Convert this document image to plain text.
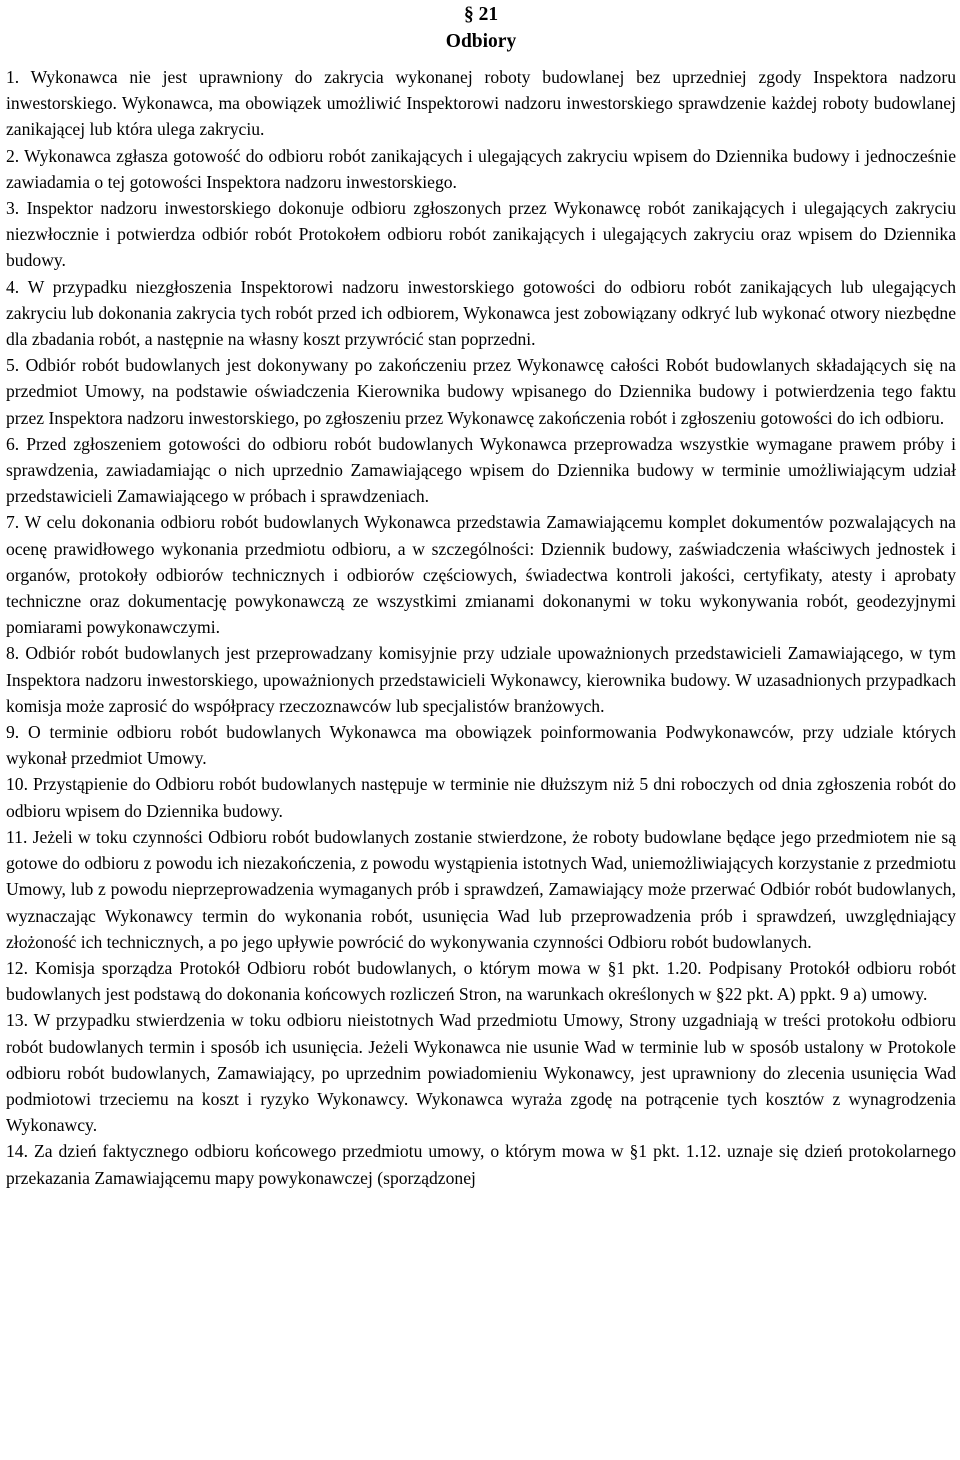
§ 21
Odbiory

1. Wykonawca nie jest uprawniony do zakrycia wykonanej roboty budowlanej bez uprzedniej zgody Inspektora nadzoru inwestorskiego. Wykonawca, ma obowiązek umożliwić Inspektorowi nadzoru inwestorskiego sprawdzenie każdej roboty budowlanej zanikającej lub która ulega zakryciu.

2. Wykonawca zgłasza gotowość do odbioru robót zanikających i ulegających zakryciu wpisem do Dziennika budowy i jednocześnie zawiadamia o tej gotowości Inspektora nadzoru inwestorskiego.

3. Inspektor nadzoru inwestorskiego dokonuje odbioru zgłoszonych przez Wykonawcę robót zanikających i ulegających zakryciu niezwłocznie i potwierdza odbiór robót Protokołem odbioru robót zanikających i ulegających zakryciu oraz wpisem do Dziennika budowy.

4. W przypadku niezgłoszenia Inspektorowi nadzoru inwestorskiego gotowości do odbioru robót zanikających lub ulegających zakryciu lub dokonania zakrycia tych robót przed ich odbiorem, Wykonawca jest zobowiązany odkryć lub wykonać otwory niezbędne dla zbadania robót, a następnie na własny koszt przywrócić stan poprzedni.

5. Odbiór robót budowlanych jest dokonywany po zakończeniu przez Wykonawcę całości Robót budowlanych składających się na przedmiot Umowy, na podstawie oświadczenia Kierownika budowy wpisanego do Dziennika budowy i potwierdzenia tego faktu przez Inspektora nadzoru inwestorskiego, po zgłoszeniu przez Wykonawcę zakończenia robót i zgłoszeniu gotowości do ich odbioru.

6. Przed zgłoszeniem gotowości do odbioru robót budowlanych Wykonawca przeprowadza wszystkie wymagane prawem próby i sprawdzenia, zawiadamiając o nich uprzednio Zamawiającego wpisem do Dziennika budowy w terminie umożliwiającym udział przedstawicieli Zamawiającego w próbach i sprawdzeniach.

7. W celu dokonania odbioru robót budowlanych Wykonawca przedstawia Zamawiającemu komplet dokumentów pozwalających na ocenę prawidłowego wykonania przedmiotu odbioru, a w szczególności: Dziennik budowy, zaświadczenia właściwych jednostek i organów, protokoły odbiorów technicznych i odbiorów częściowych, świadectwa kontroli jakości, certyfikaty, atesty i aprobaty techniczne oraz dokumentację powykonawczą ze wszystkimi zmianami dokonanymi w toku wykonywania robót, geodezyjnymi pomiarami powykonawczymi.

8. Odbiór robót budowlanych jest przeprowadzany komisyjnie przy udziale upoważnionych przedstawicieli Zamawiającego, w tym Inspektora nadzoru inwestorskiego, upoważnionych przedstawicieli Wykonawcy, kierownika budowy. W uzasadnionych przypadkach komisja może zaprosić do współpracy rzeczoznawców lub specjalistów branżowych.

9. O terminie odbioru robót budowlanych Wykonawca ma obowiązek poinformowania Podwykonawców, przy udziale których wykonał przedmiot Umowy.

10. Przystąpienie do Odbioru robót budowlanych następuje w terminie nie dłuższym niż 5 dni roboczych od dnia zgłoszenia robót do odbioru wpisem do Dziennika budowy.

11. Jeżeli w toku czynności Odbioru robót budowlanych zostanie stwierdzone, że roboty budowlane będące jego przedmiotem nie są gotowe do odbioru z powodu ich niezakończenia, z powodu wystąpienia istotnych Wad, uniemożliwiających korzystanie z przedmiotu Umowy, lub z powodu nieprzeprowadzenia wymaganych prób i sprawdzeń, Zamawiający może przerwać Odbiór robót budowlanych, wyznaczając Wykonawcy termin do wykonania robót, usunięcia Wad lub przeprowadzenia prób i sprawdzeń, uwzględniający złożoność ich technicznych, a po jego upływie powrócić do wykonywania czynności Odbioru robót budowlanych.

12. Komisja sporządza Protokół Odbioru robót budowlanych, o którym mowa w §1 pkt. 1.20. Podpisany Protokół odbioru robót budowlanych jest podstawą do dokonania końcowych rozliczeń Stron, na warunkach określonych w §22 pkt. A) ppkt. 9 a) umowy.

13. W przypadku stwierdzenia w toku odbioru nieistotnych Wad przedmiotu Umowy, Strony uzgadniają w treści protokołu odbioru robót budowlanych termin i sposób ich usunięcia. Jeżeli Wykonawca nie usunie Wad w terminie lub w sposób ustalony w Protokole odbioru robót budowlanych, Zamawiający, po uprzednim powiadomieniu Wykonawcy, jest uprawniony do zlecenia usunięcia Wad podmiotowi trzeciemu na koszt i ryzyko Wykonawcy. Wykonawca wyraża zgodę na potrącenie tych kosztów z wynagrodzenia Wykonawcy.

14. Za dzień faktycznego odbioru końcowego przedmiotu umowy, o którym mowa w §1 pkt. 1.12. uznaje się dzień protokolarnego przekazania Zamawiającemu mapy powykonawczej (sporządzonej
